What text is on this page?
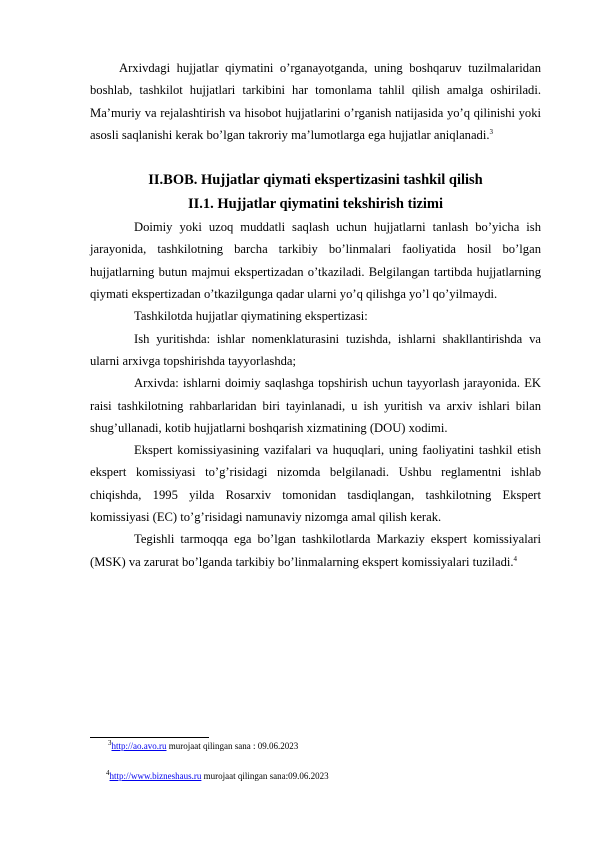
Arxivdagi hujjatlar qiymatini o’rganayotganda, uning boshqaruv tuzilmalaridan boshlab, tashkilot hujjatlari tarkibini har tomonlama tahlil qilish amalga oshiriladi. Ma’muriy va rejalashtirish va hisobot hujjatlarini o’rganish natijasida yo’q qilinishi yoki asosli saqlanishi kerak bo’lgan takroriy ma’lumotlarga ega hujjatlar aniqlanadi.$^3$

II.BOB. Hujjatlar qiymati ekspertizasini tashkil qilish
II.1. Hujjatlar qiymatini tekshirish tizimi

Doimiy yoki uzoq muddatli saqlash uchun hujjatlarni tanlash bo’yicha ish jarayonida, tashkilotning barcha tarkibiy bo’linmalari faoliyatida hosil bo’lgan hujjatlarning butun majmui ekspertizadan o’tkaziladi. Belgilangan tartibda hujjatlarning qiymati ekspertizadan o’tkazilgunga qadar ularni yo’q qilishga yo’l qo’yilmaydi.

Tashkilotda hujjatlar qiymatining ekspertizasi:

Ish yuritishda: ishlar nomenklaturasini tuzishda, ishlarni shakllantirishda va ularni arxivga topshirishda tayyorlashda;

Arxivda: ishlarni doimiy saqlashga topshirish uchun tayyorlash jarayonida. EK raisi tashkilotning rahbarlaridan biri tayinlanadi, u ish yuritish va arxiv ishlari bilan shug’ullanadi, kotib hujjatlarni boshqarish xizmatining (DOU) xodimi.

Ekspert komissiyasining vazifalari va huquqlari, uning faoliyatini tashkil etish ekspert komissiyasi to’g’risidagi nizomda belgilanadi. Ushbu reglamentni ishlab chiqishda, 1995 yilda Rosarxiv tomonidan tasdiqlangan, tashkilotning Ekspert komissiyasi (EC) to’g’risidagi namunaviy nizomga amal qilish kerak.

Tegishli tarmoqqa ega bo’lgan tashkilotlarda Markaziy ekspert komissiyalari (MSK) va zarurat bo’lganda tarkibiy bo’linmalarning ekspert komissiyalari tuziladi.$^4$

$^3$http://ao.avo.ru murojaat qilingan sana : 09.06.2023
$^4$http://www.bizneshaus.ru murojaat qilingan sana:09.06.2023
